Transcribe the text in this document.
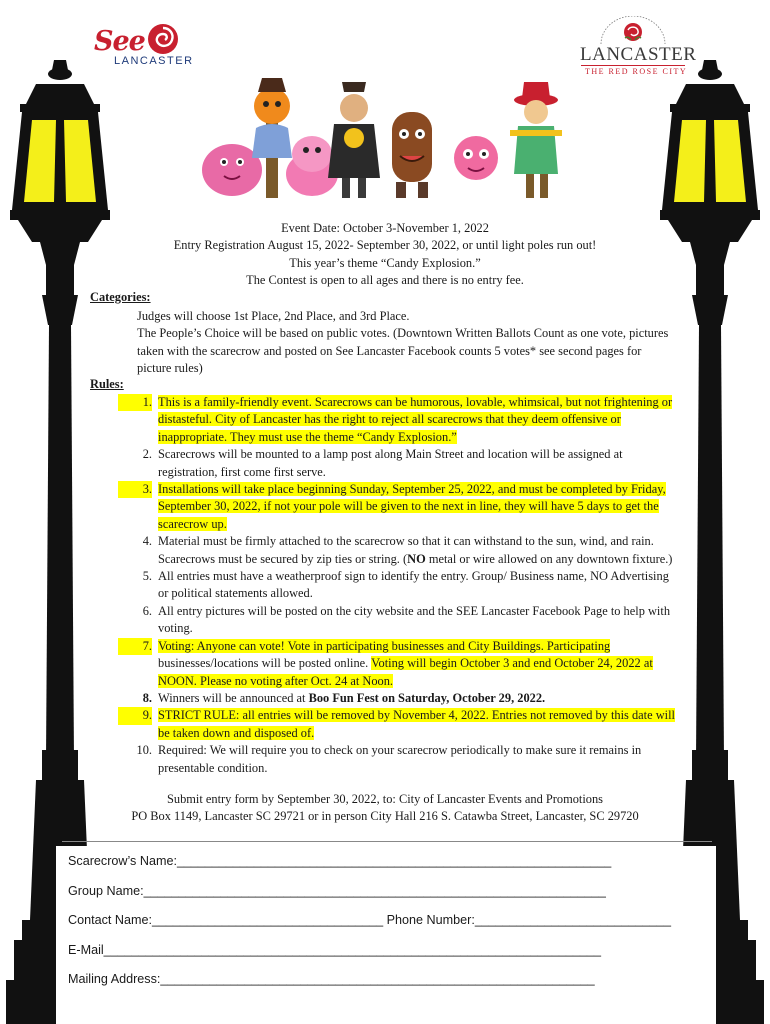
See
LANCASTER	LANCASTER
THE RED ROSE CITY
Event Date: October 3-November 1, 2022
Entry Registration August 15, 2022- September 30, 2022, or until light poles run out!
This year’s theme “Candy Explosion.”
The Contest is open to all ages and there is no entry fee.
Categories:
Judges will choose 1st Place, 2nd Place, and 3rd Place.
The People’s Choice will be based on public votes. (Downtown Written Ballots Count as one vote, pictures taken with the scarecrow and posted on See Lancaster Facebook counts 5 votes* see second pages for picture rules)
Rules:
1. This is a family-friendly event. Scarecrows can be humorous, lovable, whimsical, but not frightening or distasteful. City of Lancaster has the right to reject all scarecrows that they deem offensive or inappropriate. They must use the theme “Candy Explosion.”
2. Scarecrows will be mounted to a lamp post along Main Street and location will be assigned at registration, first come first serve.
3. Installations will take place beginning Sunday, September 25, 2022, and must be completed by Friday, September 30, 2022, if not your pole will be given to the next in line, they will have 5 days to get the scarecrow up.
4. Material must be firmly attached to the scarecrow so that it can withstand to the sun, wind, and rain. Scarecrows must be secured by zip ties or string. (NO metal or wire allowed on any downtown fixture.)
5. All entries must have a weatherproof sign to identify the entry. Group/ Business name, NO Advertising or political statements allowed.
6. All entry pictures will be posted on the city website and the SEE Lancaster Facebook Page to help with voting.
7. Voting: Anyone can vote! Vote in participating businesses and City Buildings. Participating businesses/locations will be posted online. Voting will begin October 3 and end October 24, 2022 at NOON. Please no voting after Oct. 24 at Noon.
8. Winners will be announced at Boo Fun Fest on Saturday, October 29, 2022.
9. STRICT RULE: all entries will be removed by November 4, 2022. Entries not removed by this date will be taken down and disposed of.
10. Required: We will require you to check on your scarecrow periodically to make sure it remains in presentable condition.
Submit entry form by September 30, 2022, to: City of Lancaster Events and Promotions
PO Box 1149, Lancaster SC 29721 or in person City Hall 216 S. Catawba Street, Lancaster, SC 29720
Scarecrow’s Name:______________________________________________________________
Group Name:__________________________________________________________________
Contact Name:_________________________________ Phone Number:____________________________
E-Mail_______________________________________________________________________
Mailing Address:______________________________________________________________
